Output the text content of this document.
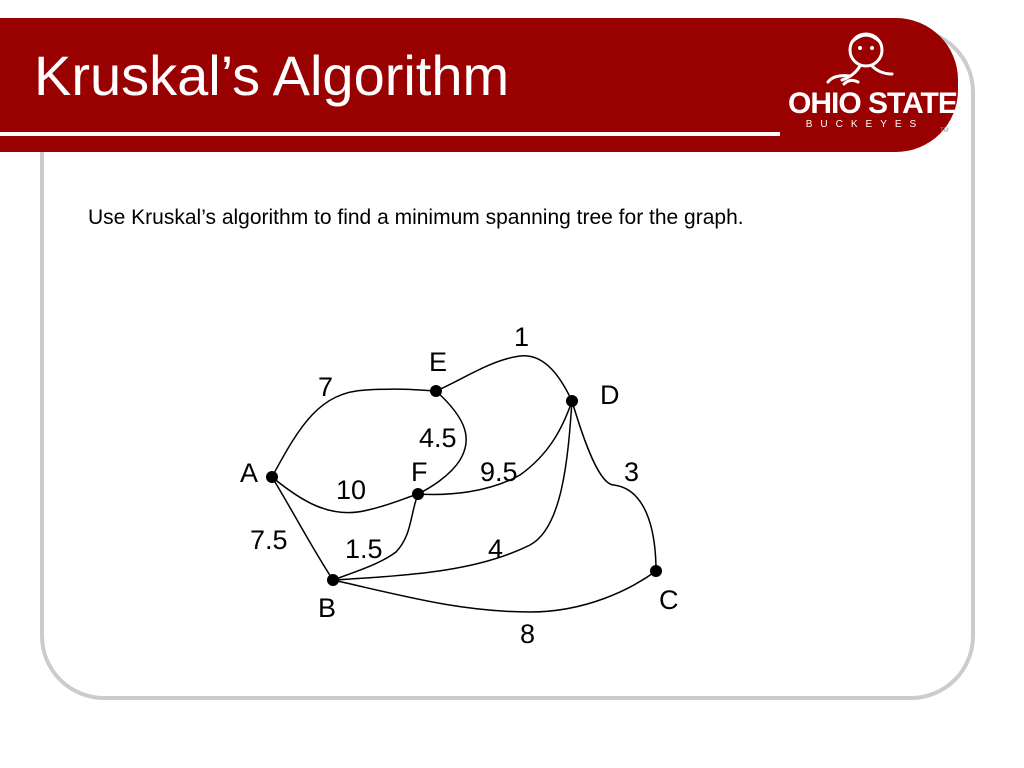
Kruskal’s Algorithm	OHIO STATE
BUCKEYES
TM

Use Kruskal’s algorithm to find a minimum spanning tree for the graph.

A
B	C
D
E
F
7
1
4.5
10
9.5	3
7.5 1.5	4
8
